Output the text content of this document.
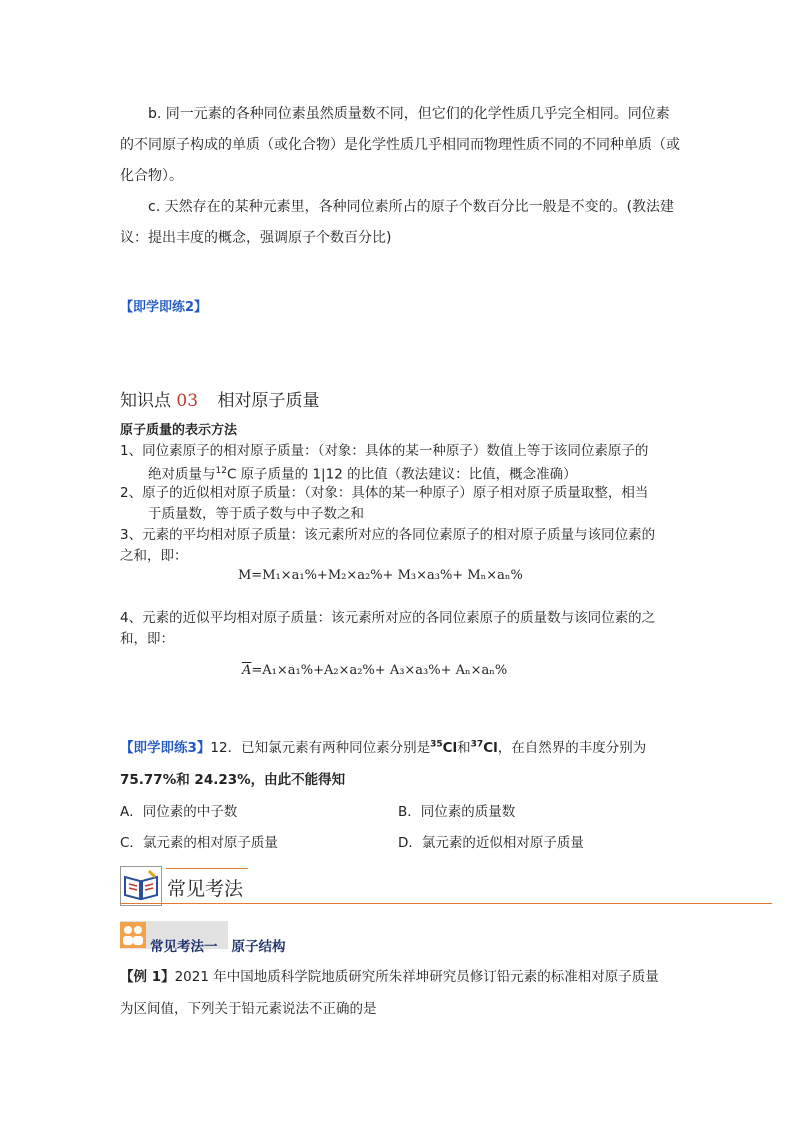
b. 同一元素的各种同位素虽然质量数不同，但它们的化学性质几乎完全相同。同位素
的不同原子构成的单质（或化合物）是化学性质几乎相同而物理性质不同的不同种单质（或
化合物）。
c. 天然存在的某种元素里，各种同位素所占的原子个数百分比一般是不变的。(教法建
议：提出丰度的概念，强调原子个数百分比)
【即学即练2】
知识点 03 相对原子质量
原子质量的表示方法
1、同位素原子的相对原子质量：（对象：具体的某一种原子）数值上等于该同位素原子的
绝对质量与$^{12}$C 原子质量的 1|12 的比值（教法建议：比值，概念准确）
2、原子的近似相对原子质量：（对象：具体的某一种原子）原子相对原子质量取整，相当
于质量数，等于质子数与中子数之和
3、元素的平均相对原子质量：该元素所对应的各同位素原子的相对原子质量与该同位素的
之和，即：
M=M₁×a₁%+M₂×a₂%+ M₃×a₃%+ Mₙ×aₙ%
4、元素的近似平均相对原子质量：该元素所对应的各同位素原子的质量数与该同位素的之
和，即：
$\overline{A}=A_1\times a_1\%+A_2\times a_2\%+ A_3\times a_3\%+ A_n\times a_n\%$
【即学即练3】12．已知氯元素有两种同位素分别是$^{35}$Cl和$^{37}$Cl，在自然界的丰度分别为
75.77%和 24.23%，由此不能得知
A．同位素的中子数	B．同位素的质量数
C．氯元素的相对原子质量	D．氯元素的近似相对原子质量
常见考法
常见考法一 原子结构
【例 1】2021 年中国地质科学院地质研究所朱祥坤研究员修订铅元素的标准相对原子质量
为区间值，下列关于铅元素说法不正确的是
